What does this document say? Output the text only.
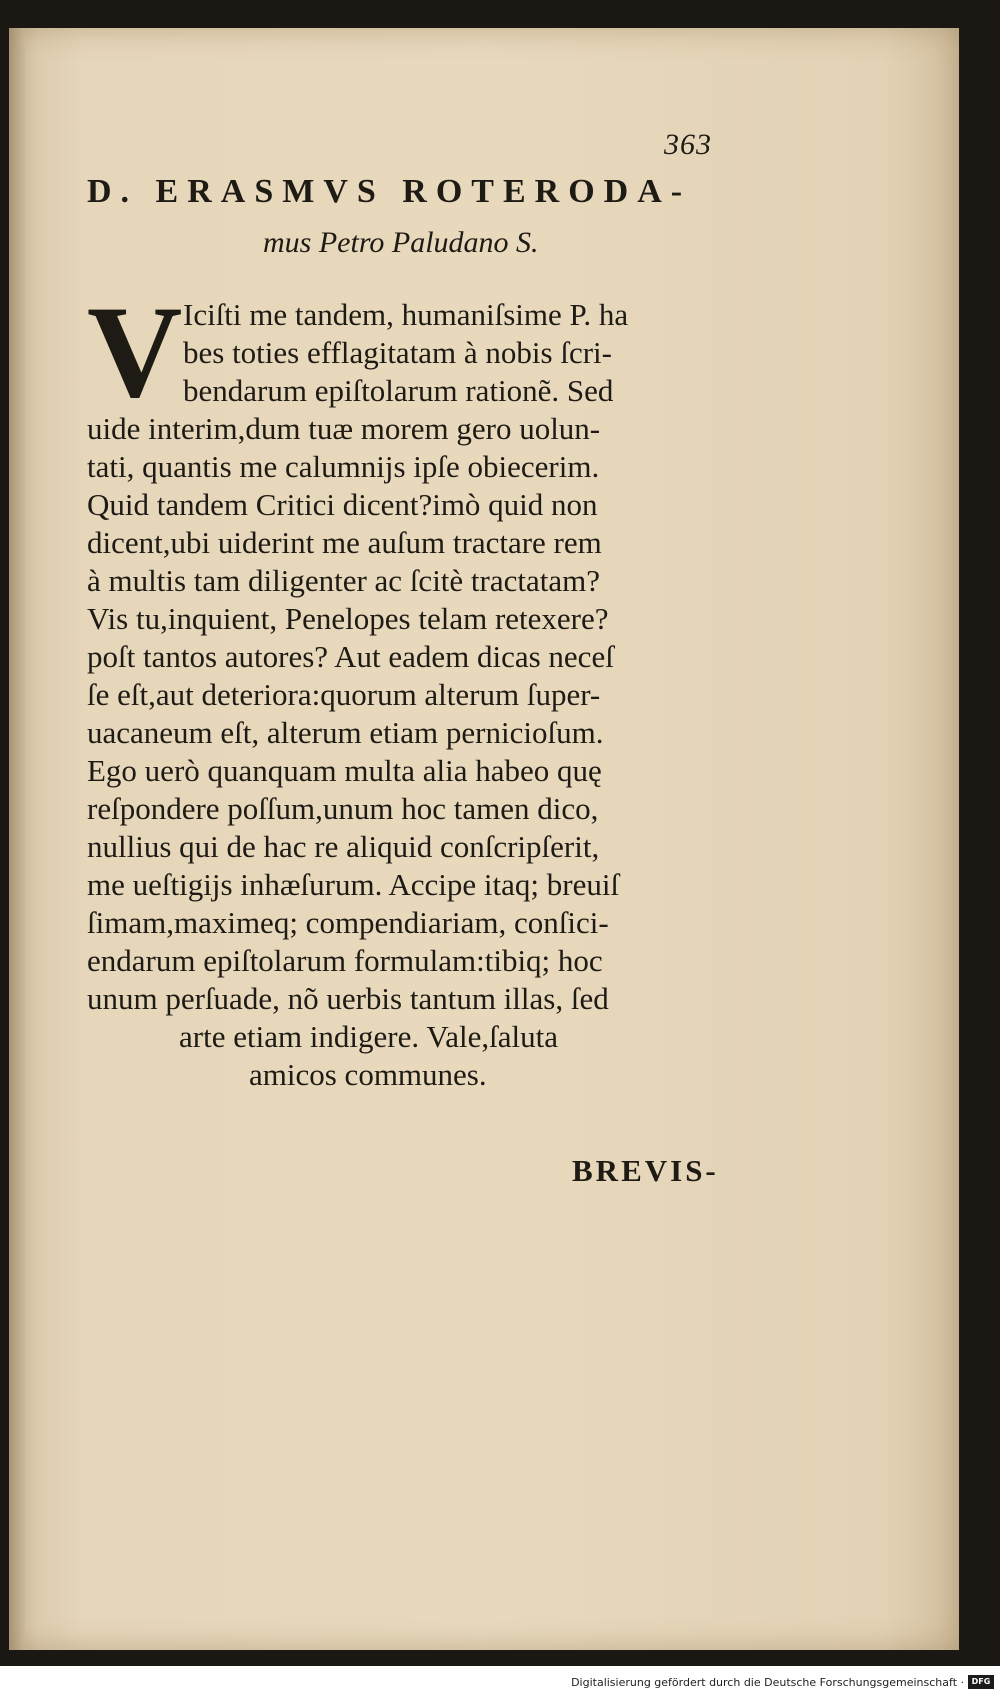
363
D. ERASMVS ROTERODA-
mus Petro Paludano S.
V Iciſti me tandem, humaniſsime P. ha
bes toties efflagitatam à nobis ſcri-
bendarum epiſtolarum rationẽ. Sed
uide interim,dum tuæ morem gero uolun-
tati, quantis me calumnijs ipſe obiecerim.
Quid tandem Critici dicent?imò quid non
dicent,ubi uiderint me auſum tractare rem
à multis tam diligenter ac ſcitè tractatam?
Vis tu,inquient, Penelopes telam retexere?
poſt tantos autores? Aut eadem dicas neceſ
ſe eſt,aut deteriora:quorum alterum ſuper-
uacaneum eſt, alterum etiam pernicioſum.
Ego uerò quanquam multa alia habeo quę
reſpondere poſſum,unum hoc tamen dico,
nullius qui de hac re aliquid conſcripſerit,
me ueſtigijs inhæſurum. Accipe itaq; breuiſ
ſimam,maximeq; compendiariam, conſici-
endarum epiſtolarum formulam:tibiq; hoc
unum perſuade, nõ uerbis tantum illas, ſed
arte etiam indigere. Vale,ſaluta
amicos communes.
BREVIS-
Digitalisierung gefördert durch die Deutsche Forschungsgemeinschaft · DFG
